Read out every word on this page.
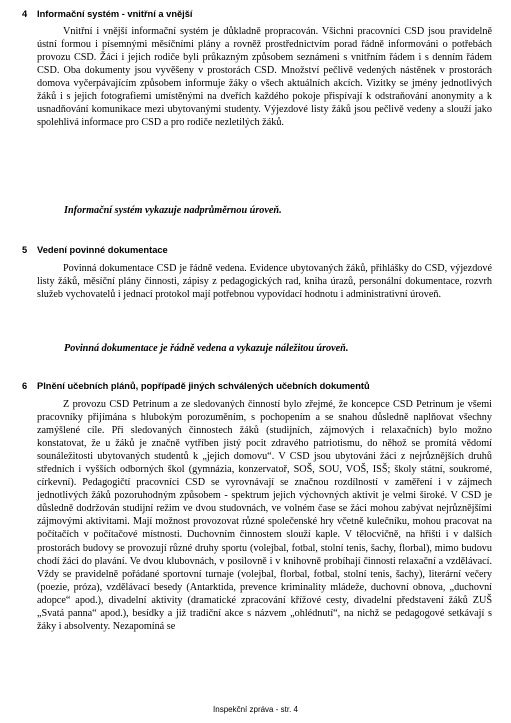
4 Informační systém - vnitřní a vnější

Vnitřní i vnější informační systém je důkladně propracován. Všichni pracovníci CSD jsou pravidelně ústní formou i písemnými měsíčními plány a rovněž prostřednictvím porad řádně informováni o potřebách provozu CSD. Žáci i jejich rodiče byli průkazným způsobem seznámeni s vnitřním řádem i s denním řádem CSD. Oba dokumenty jsou vyvěšeny v prostorách CSD. Množství pečlivě vedených nástěnek v prostorách domova vyčerpávajícím způsobem informuje žáky o všech aktuálních akcích. Vizitky se jmény jednotlivých žáků i s jejich fotografiemi umístěnými na dveřích každého pokoje přispívají k odstraňování anonymity a k usnadňování komunikace mezi ubytovanými studenty. Výjezdové listy žáků jsou pečlivě vedeny a slouží jako spolehlivá informace pro CSD a pro rodiče nezletilých žáků.

Informační systém vykazuje nadprůměrnou úroveň.
5 Vedení povinné dokumentace

Povinná dokumentace CSD je řádně vedena. Evidence ubytovaných žáků, přihlášky do CSD, výjezdové listy žáků, měsíční plány činnosti, zápisy z pedagogických rad, kniha úrazů, personální dokumentace, rozvrh služeb vychovatelů i jednací protokol mají potřebnou vypovídací hodnotu i administrativní úroveň.

Povinná dokumentace je řádně vedena a vykazuje náležitou úroveň.
6 Plnění učebních plánů, popřípadě jiných schválených učebních dokumentů

Z provozu CSD Petrinum a ze sledovaných činností bylo zřejmé, že koncepce CSD Petrinum je všemi pracovníky přijímána s hlubokým porozuměním, s pochopením a se snahou důsledně naplňovat všechny zamýšlené cíle. Při sledovaných činnostech žáků (studijních, zájmových i relaxačních) bylo možno konstatovat, že u žáků je značně vytříben jistý pocit zdravého patriotismu, do něhož se promítá vědomí sounáležitosti ubytovaných studentů k „jejich domovu“. V CSD jsou ubytováni žáci z nejrůznějších druhů středních i vyšších odborných škol (gymnázia, konzervatoř, SOŠ, SOU, VOŠ, ISŠ; školy státní, soukromé, církevní). Pedagogičtí pracovníci CSD se vyrovnávají se značnou rozdílností v zaměření i v zájmech jednotlivých žáků pozoruhodným způsobem - spektrum jejich výchovných aktivit je velmi široké. V CSD je důsledně dodržován studijní režim ve dvou studovnách, ve volném čase se žáci mohou zabývat nejrůznějšími zájmovými aktivitami. Mají možnost provozovat různé společenské hry včetně kulečníku, mohou pracovat na počítačích v počítačové místnosti. Duchovním činnostem slouží kaple. V tělocvičně, na hřišti i v dalších prostorách budovy se provozují různé druhy sportu (volejbal, fotbal, stolní tenis, šachy, florbal), mimo budovu chodí žáci do plavání. Ve dvou klubovnách, v posilovně i v knihovně probíhají činnosti relaxační a vzdělávací. Vždy se pravidelně pořádané sportovní turnaje (volejbal, florbal, fotbal, stolní tenis, šachy), literární večery (poezie, próza), vzdělávací besedy (Antarktida, prevence kriminality mládeže, duchovní obnova, „duchovní adopce“ apod.), divadelní aktivity (dramatické zpracování křížové cesty, divadelní představení žáků ZUŠ „Svatá panna“ apod.), besídky a již tradiční akce s názvem „ohlédnutí“, na nichž se pedagogové setkávají s žáky i absolventy. Nezapomíná se

Inspekční zpráva - str. 4
